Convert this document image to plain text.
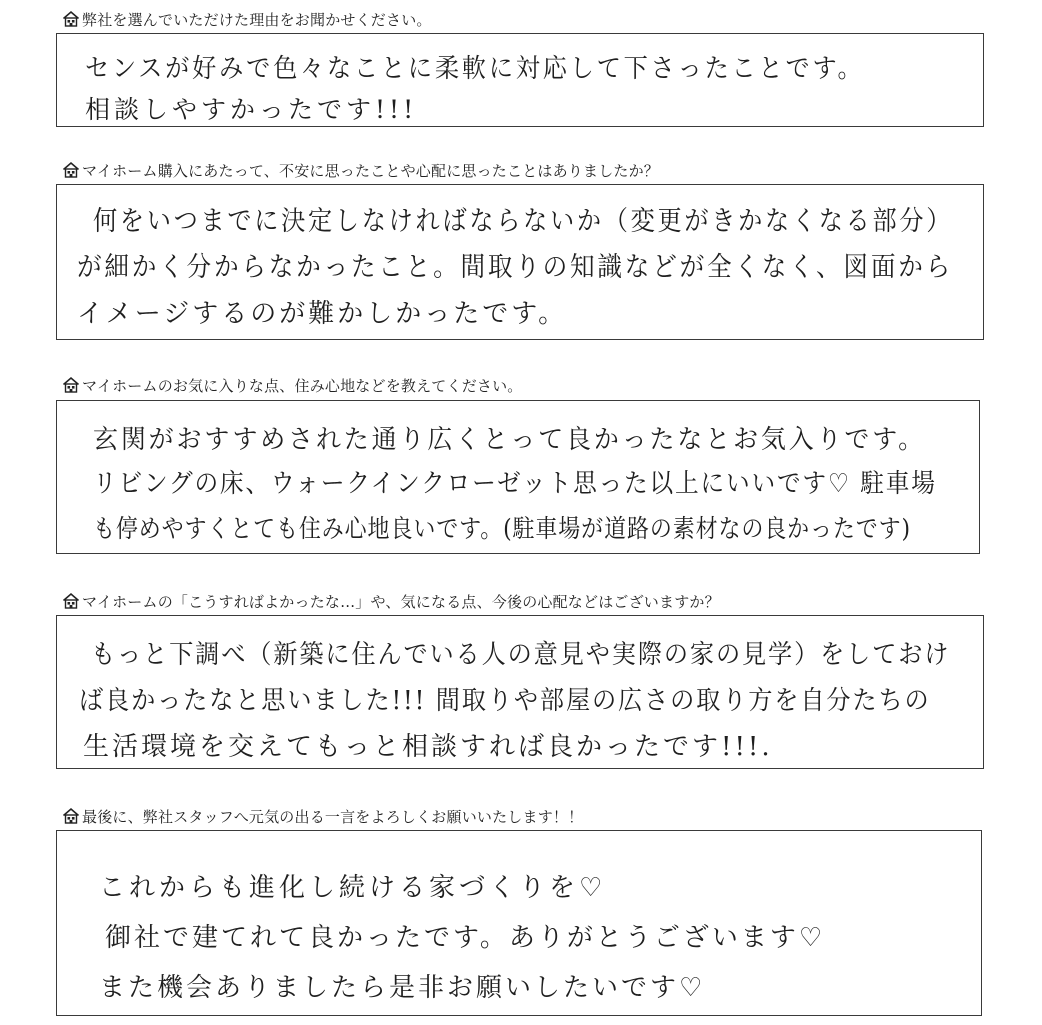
弊社を選んでいただけた理由をお聞かせください。
センスが好みで色々なことに柔軟に対応して下さったことです。
相談しやすかったです!!!
マイホーム購入にあたって、不安に思ったことや心配に思ったことはありましたか？
何をいつまでに決定しなければならないか（変更がきかなくなる部分）
が細かく分からなかったこと。間取りの知識などが全くなく、図面から
イメージするのが難かしかったです。
マイホームのお気に入りな点、住み心地などを教えてください。
玄関がおすすめされた通り広くとって良かったなとお気入りです。
リビングの床、ウォークインクローゼット思った以上にいいです♡ 駐車場
も停めやすくとても住み心地良いです。(駐車場が道路の素材なの良かったです)
マイホームの「こうすればよかったな…」や、気になる点、今後の心配などはございますか？
もっと下調べ（新築に住んでいる人の意見や実際の家の見学）をしておけ
ば良かったなと思いました!!! 間取りや部屋の広さの取り方を自分たちの
生活環境を交えてもっと相談すれば良かったです!!!.
最後に、弊社スタッフへ元気の出る一言をよろしくお願いいたします！！
これからも進化し続ける家づくりを♡
御社で建てれて良かったです。ありがとうございます♡
また機会ありましたら是非お願いしたいです♡
